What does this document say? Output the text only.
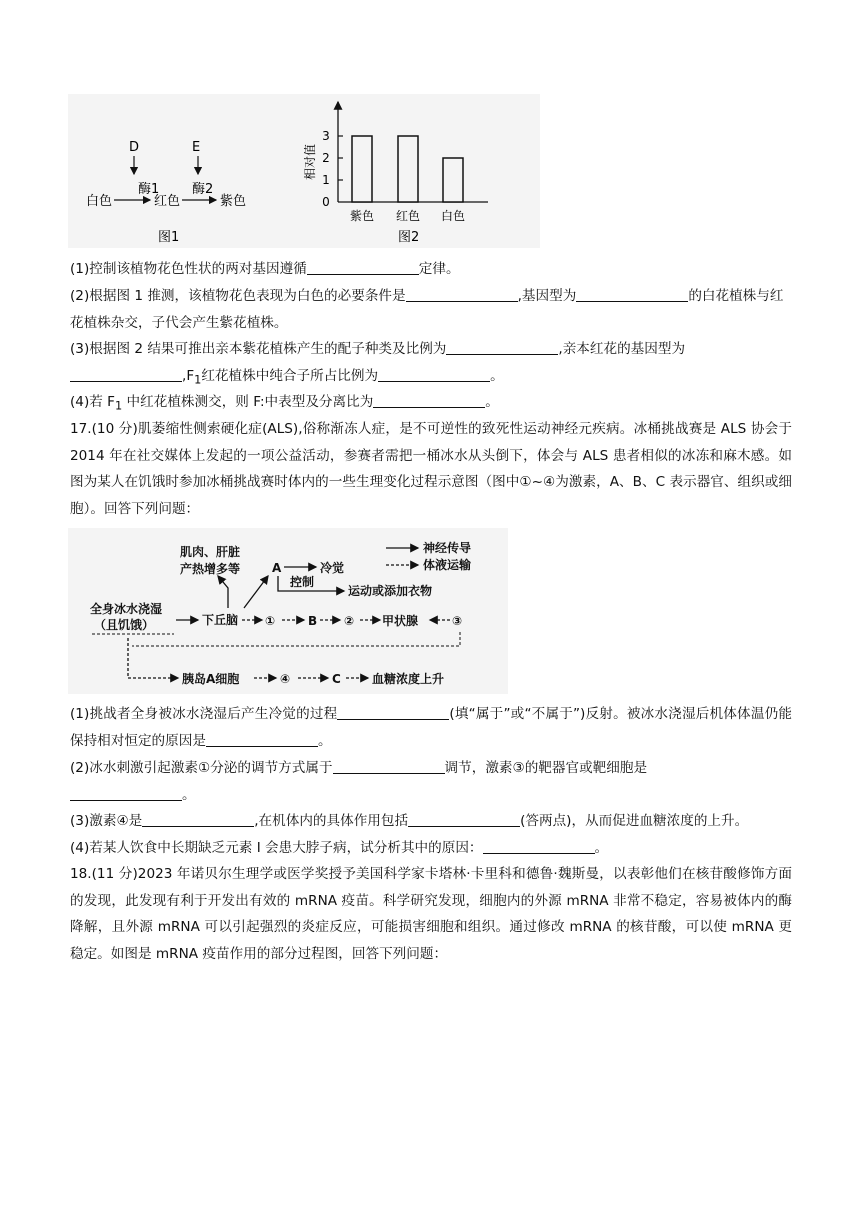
D
酶1
E
酶2
白色	红色	紫色
图1
相对值
0
1
2
3
紫色 红色 白色
图2

(1)控制该植物花色性状的两对基因遵循	定律。

(2)根据图 1 推测，该植物花色表现为白色的必要条件是	,基因型为	的白花植株与红花植株杂交，子代会产生紫花植株。

(3)根据图 2 结果可推出亲本紫花植株产生的配子种类及比例为	,亲本红花的基因型为
$,F_1$红花植株中纯合子所占比例为	。

(4)若 $F_1$ 中红花植株测交，则 F:中表型及分离比为	。

17.(10 分)肌萎缩性侧索硬化症(ALS),俗称渐冻人症，是不可逆性的致死性运动神经元疾病。冰桶挑战赛是 ALS 协会于 2014 年在社交媒体上发起的一项公益活动，参赛者需把一桶冰水从头倒下，体会与 ALS 患者相似的冰冻和麻木感。如图为某人在饥饿时参加冰桶挑战赛时体内的一些生理变化过程示意图（图中①~④为激素，A、B、C 表示器官、组织或细胞）。回答下列问题：

神经传导
体液运输
肌肉、肝脏
产热增多等	A	冷觉
控制
运动或添加衣物
全身冰水浇湿
（且饥饿）	下丘脑 ①	B ② 甲状腺	③
胰岛A细胞	④	C	血糖浓度上升

(1)挑战者全身被冰水浇湿后产生冷觉的过程	(填“属于”或“不属于”)反射。被冰水浇湿后机体体温仍能保持相对恒定的原因是	。

(2)冰水刺激引起激素①分泌的调节方式属于	调节，激素③的靶器官或靶细胞是
。

(3)激素④是	,在机体内的具体作用包括	(答两点)，从而促进血糖浓度的上升。

(4)若某人饮食中长期缺乏元素 I 会患大脖子病，试分析其中的原因：	。

18.(11 分)2023 年诺贝尔生理学或医学奖授予美国科学家卡塔林·卡里科和德鲁·魏斯曼，以表彰他们在核苷酸修饰方面的发现，此发现有利于开发出有效的 mRNA 疫苗。科学研究发现，细胞内的外源 mRNA 非常不稳定，容易被体内的酶降解，且外源 mRNA 可以引起强烈的炎症反应，可能损害细胞和组织。通过修改 mRNA 的核苷酸，可以使 mRNA 更稳定。如图是 mRNA 疫苗作用的部分过程图，回答下列问题：
